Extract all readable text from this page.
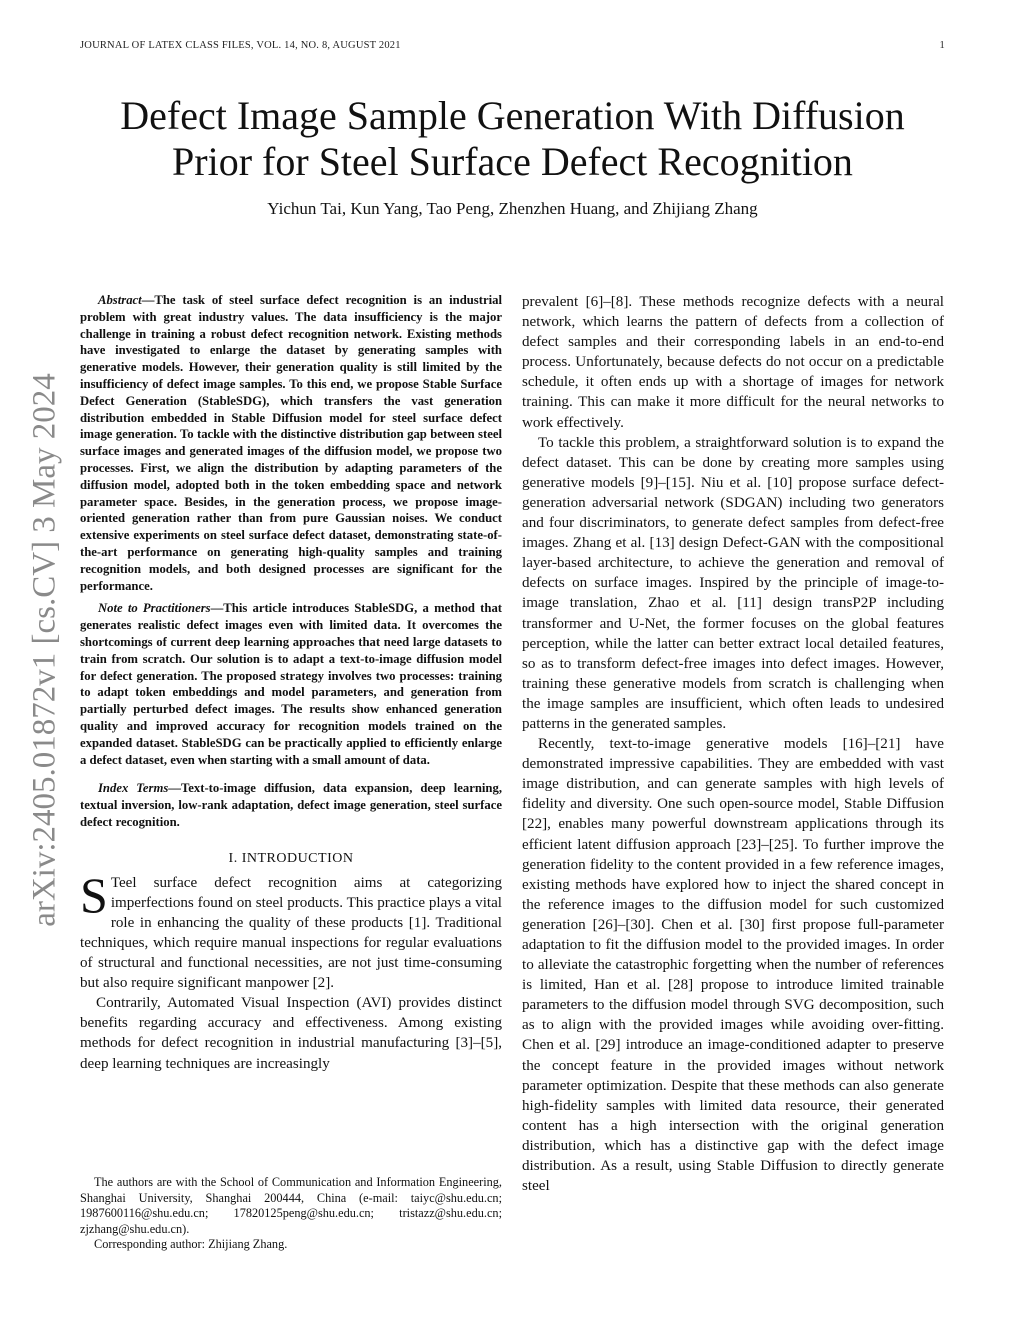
JOURNAL OF LATEX CLASS FILES, VOL. 14, NO. 8, AUGUST 2021	1
arXiv:2405.01872v1 [cs.CV] 3 May 2024
Defect Image Sample Generation With Diffusion
Prior for Steel Surface Defect Recognition
Yichun Tai, Kun Yang, Tao Peng, Zhenzhen Huang, and Zhijiang Zhang

Abstract—The task of steel surface defect recognition is an industrial problem with great industry values. The data insufficiency is the major challenge in training a robust defect recognition network. Existing methods have investigated to enlarge the dataset by generating samples with generative models. However, their generation quality is still limited by the insufficiency of defect image samples. To this end, we propose Stable Surface Defect Generation (StableSDG), which transfers the vast generation distribution embedded in Stable Diffusion model for steel surface defect image generation. To tackle with the distinctive distribution gap between steel surface images and generated images of the diffusion model, we propose two processes. First, we align the distribution by adapting parameters of the diffusion model, adopted both in the token embedding space and network parameter space. Besides, in the generation process, we propose image-oriented generation rather than from pure Gaussian noises. We conduct extensive experiments on steel surface defect dataset, demonstrating state-of-the-art performance on generating high-quality samples and training recognition models, and both designed processes are significant for the performance.

Note to Practitioners—This article introduces StableSDG, a method that generates realistic defect images even with limited data. It overcomes the shortcomings of current deep learning approaches that need large datasets to train from scratch. Our solution is to adapt a text-to-image diffusion model for defect generation. The proposed strategy involves two processes: training to adapt token embeddings and model parameters, and generation from partially perturbed defect images. The results show enhanced generation quality and improved accuracy for recognition models trained on the expanded dataset. StableSDG can be practically applied to efficiently enlarge a defect dataset, even when starting with a small amount of data.

Index Terms—Text-to-image diffusion, data expansion, deep learning, textual inversion, low-rank adaptation, defect image generation, steel surface defect recognition.

I. INTRODUCTION

S Teel surface defect recognition aims at categorizing imperfections found on steel products. This practice plays a vital role in enhancing the quality of these products [1]. Traditional techniques, which require manual inspections for regular evaluations of structural and functional necessities, are not just time-consuming but also require significant manpower [2].

Contrarily, Automated Visual Inspection (AVI) provides distinct benefits regarding accuracy and effectiveness. Among existing methods for defect recognition in industrial manufacturing [3]–[5], deep learning techniques are increasingly

prevalent [6]–[8]. These methods recognize defects with a neural network, which learns the pattern of defects from a collection of defect samples and their corresponding labels in an end-to-end process. Unfortunately, because defects do not occur on a predictable schedule, it often ends up with a shortage of images for network training. This can make it more difficult for the neural networks to work effectively.

To tackle this problem, a straightforward solution is to expand the defect dataset. This can be done by creating more samples using generative models [9]–[15]. Niu et al. [10] propose surface defect-generation adversarial network (SDGAN) including two generators and four discriminators, to generate defect samples from defect-free images. Zhang et al. [13] design Defect-GAN with the compositional layer-based architecture, to achieve the generation and removal of defects on surface images. Inspired by the principle of image-to-image translation, Zhao et al. [11] design transP2P including transformer and U-Net, the former focuses on the global features perception, while the latter can better extract local detailed features, so as to transform defect-free images into defect images. However, training these generative models from scratch is challenging when the image samples are insufficient, which often leads to undesired patterns in the generated samples.

Recently, text-to-image generative models [16]–[21] have demonstrated impressive capabilities. They are embedded with vast image distribution, and can generate samples with high levels of fidelity and diversity. One such open-source model, Stable Diffusion [22], enables many powerful downstream applications through its efficient latent diffusion approach [23]–[25]. To further improve the generation fidelity to the content provided in a few reference images, existing methods have explored how to inject the shared concept in the reference images to the diffusion model for such customized generation [26]–[30]. Chen et al. [30] first propose full-parameter adaptation to fit the diffusion model to the provided images. In order to alleviate the catastrophic forgetting when the number of references is limited, Han et al. [28] propose to introduce limited trainable parameters to the diffusion model through SVG decomposition, such as to align with the provided images while avoiding over-fitting. Chen et al. [29] introduce an image-conditioned adapter to preserve the concept feature in the provided images without network parameter optimization. Despite that these methods can also generate high-fidelity samples with limited data resource, their generated content has a high intersection with the original generation distribution, which has a distinctive gap with the defect image distribution. As a result, using Stable Diffusion to directly generate steel

The authors are with the School of Communication and Information Engineering, Shanghai University, Shanghai 200444, China (e-mail: taiyc@shu.edu.cn; 1987600116@shu.edu.cn; 17820125peng@shu.edu.cn; tristazz@shu.edu.cn; zjzhang@shu.edu.cn).

Corresponding author: Zhijiang Zhang.
